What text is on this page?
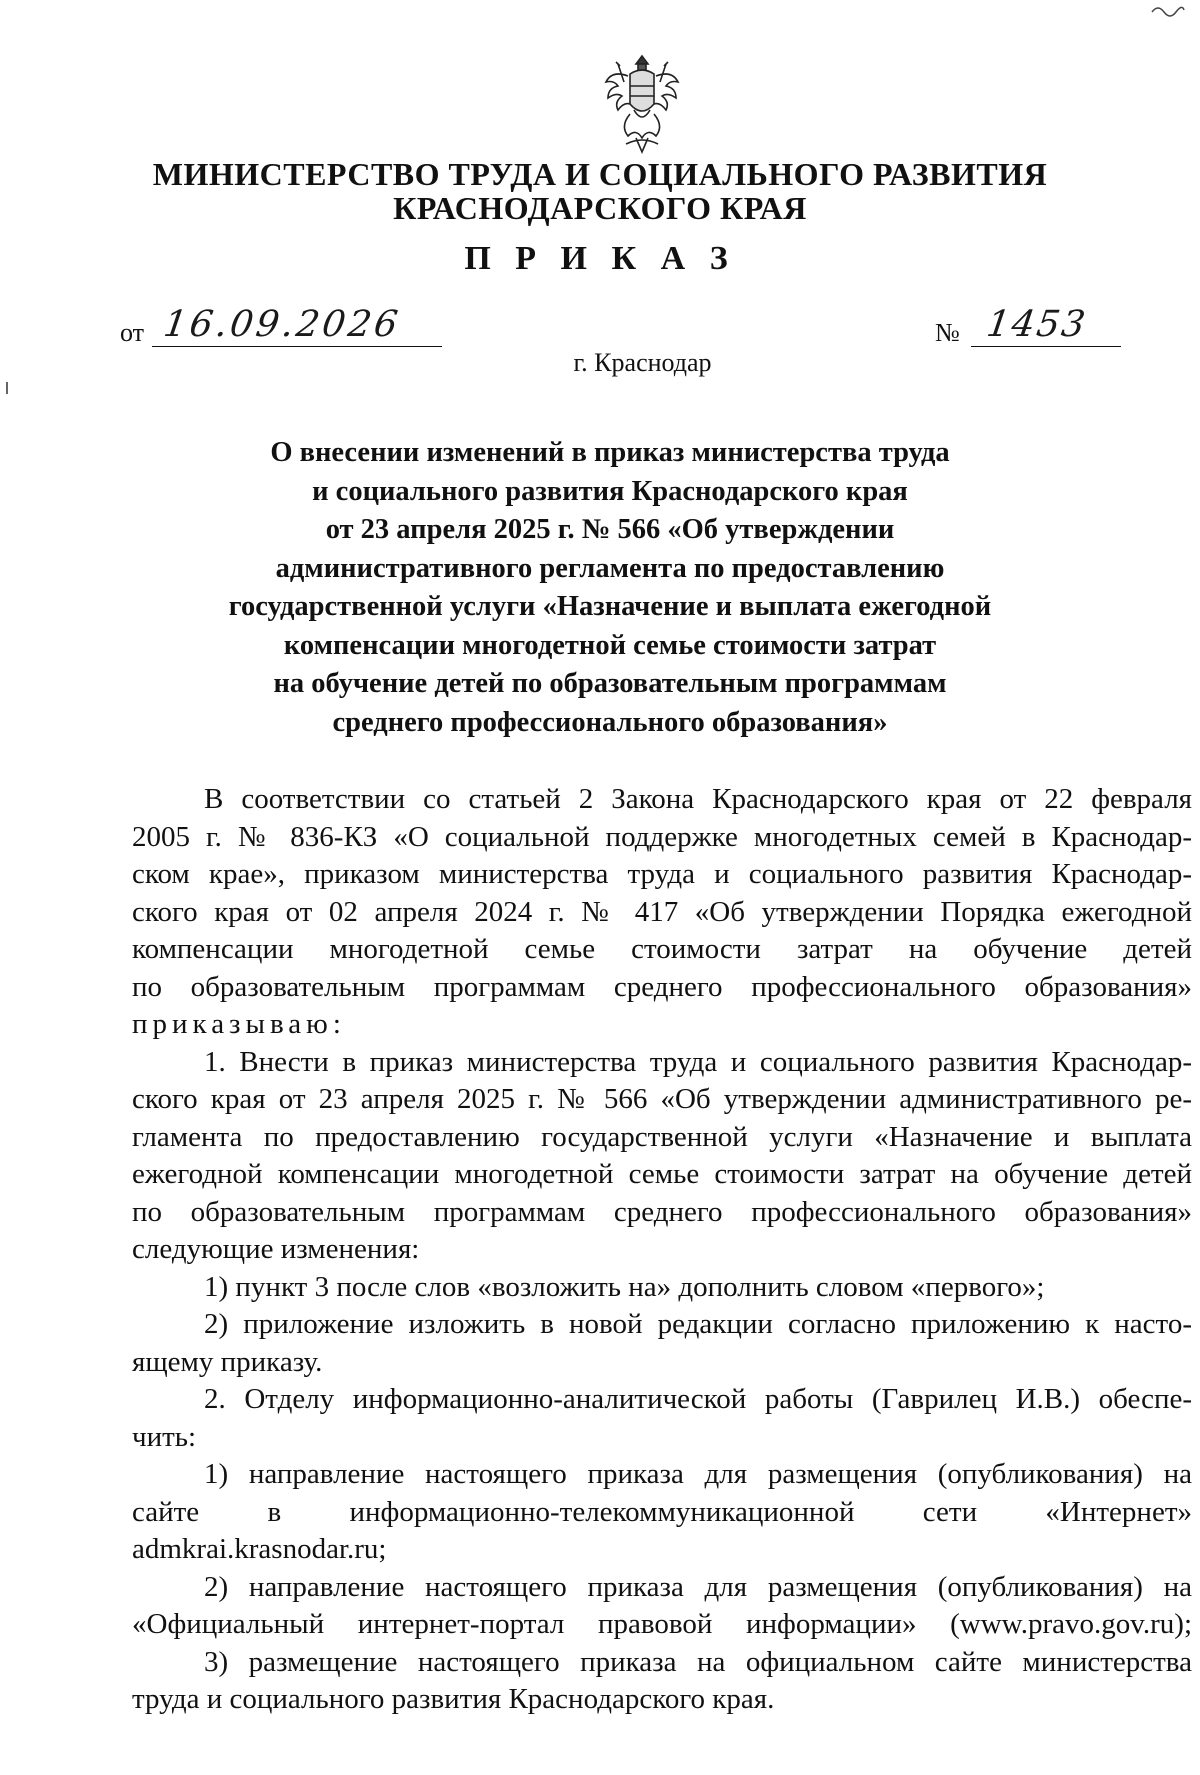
МИНИСТЕРСТВО ТРУДА И СОЦИАЛЬНОГО РАЗВИТИЯ
КРАСНОДАРСКОГО КРАЯ
П Р И К А З
от 16.09.2026	№ 1453
г. Краснодар
О внесении изменений в приказ министерства труда
и социального развития Краснодарского края
от 23 апреля 2025 г. № 566 «Об утверждении
административного регламента по предоставлению
государственной услуги «Назначение и выплата ежегодной
компенсации многодетной семье стоимости затрат
на обучение детей по образовательным программам
среднего профессионального образования»
В соответствии со статьей 2 Закона Краснодарского края от 22 февраля
2005 г. № 836-КЗ «О социальной поддержке многодетных семей в Краснодар-
ском крае», приказом министерства труда и социального развития Краснодар-
ского края от 02 апреля 2024 г. № 417 «Об утверждении Порядка ежегодной
компенсации многодетной семье стоимости затрат на обучение детей
по образовательным программам среднего профессионального образования»
приказываю:
1. Внести в приказ министерства труда и социального развития Краснодар-
ского края от 23 апреля 2025 г. № 566 «Об утверждении административного ре-
гламента по предоставлению государственной услуги «Назначение и выплата
ежегодной компенсации многодетной семье стоимости затрат на обучение детей
по образовательным программам среднего профессионального образования»
следующие изменения:
1) пункт 3 после слов «возложить на» дополнить словом «первого»;
2) приложение изложить в новой редакции согласно приложению к насто-
ящему приказу.
2. Отделу информационно-аналитической работы (Гаврилец И.В.) обеспе-
чить:
1) направление настоящего приказа для размещения (опубликования) на
сайте в информационно-телекоммуникационной сети «Интернет»
admkrai.krasnodar.ru;
2) направление настоящего приказа для размещения (опубликования) на
«Официальный интернет-портал правовой информации» (www.pravo.gov.ru);
3) размещение настоящего приказа на официальном сайте министерства
труда и социального развития Краснодарского края.
